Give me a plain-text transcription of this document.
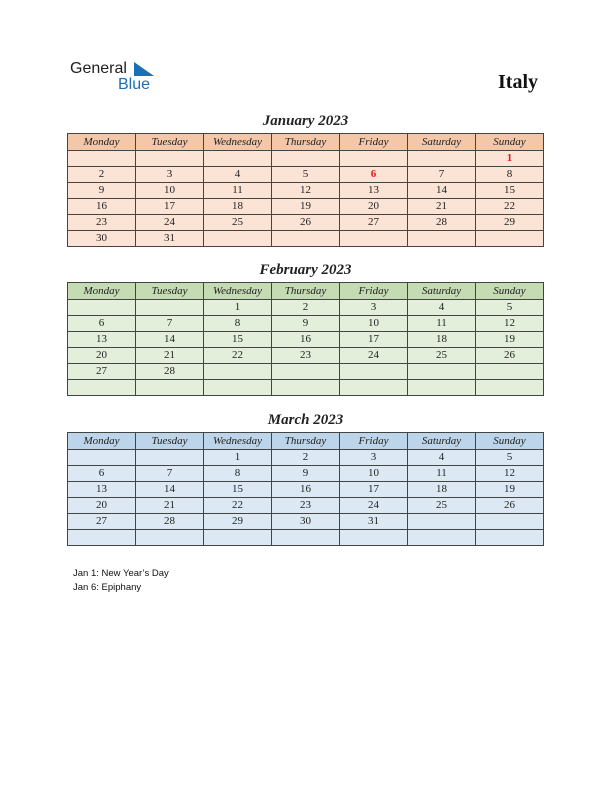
General
Blue	Italy
January 2023
Monday	Tuesday	Wednesday	Thursday	Friday	Saturday	Sunday
						1
2	3	4	5	6	7	8
9	10	11	12	13	14	15
16	17	18	19	20	21	22
23	24	25	26	27	28	29
30	31					
February 2023
Monday	Tuesday	Wednesday	Thursday	Friday	Saturday	Sunday
		1	2	3	4	5
6	7	8	9	10	11	12
13	14	15	16	17	18	19
20	21	22	23	24	25	26
27	28					

March 2023
Monday	Tuesday	Wednesday	Thursday	Friday	Saturday	Sunday
		1	2	3	4	5
6	7	8	9	10	11	12
13	14	15	16	17	18	19
20	21	22	23	24	25	26
27	28	29	30	31		

Jan 1: New Year’s Day
Jan 6: Epiphany
